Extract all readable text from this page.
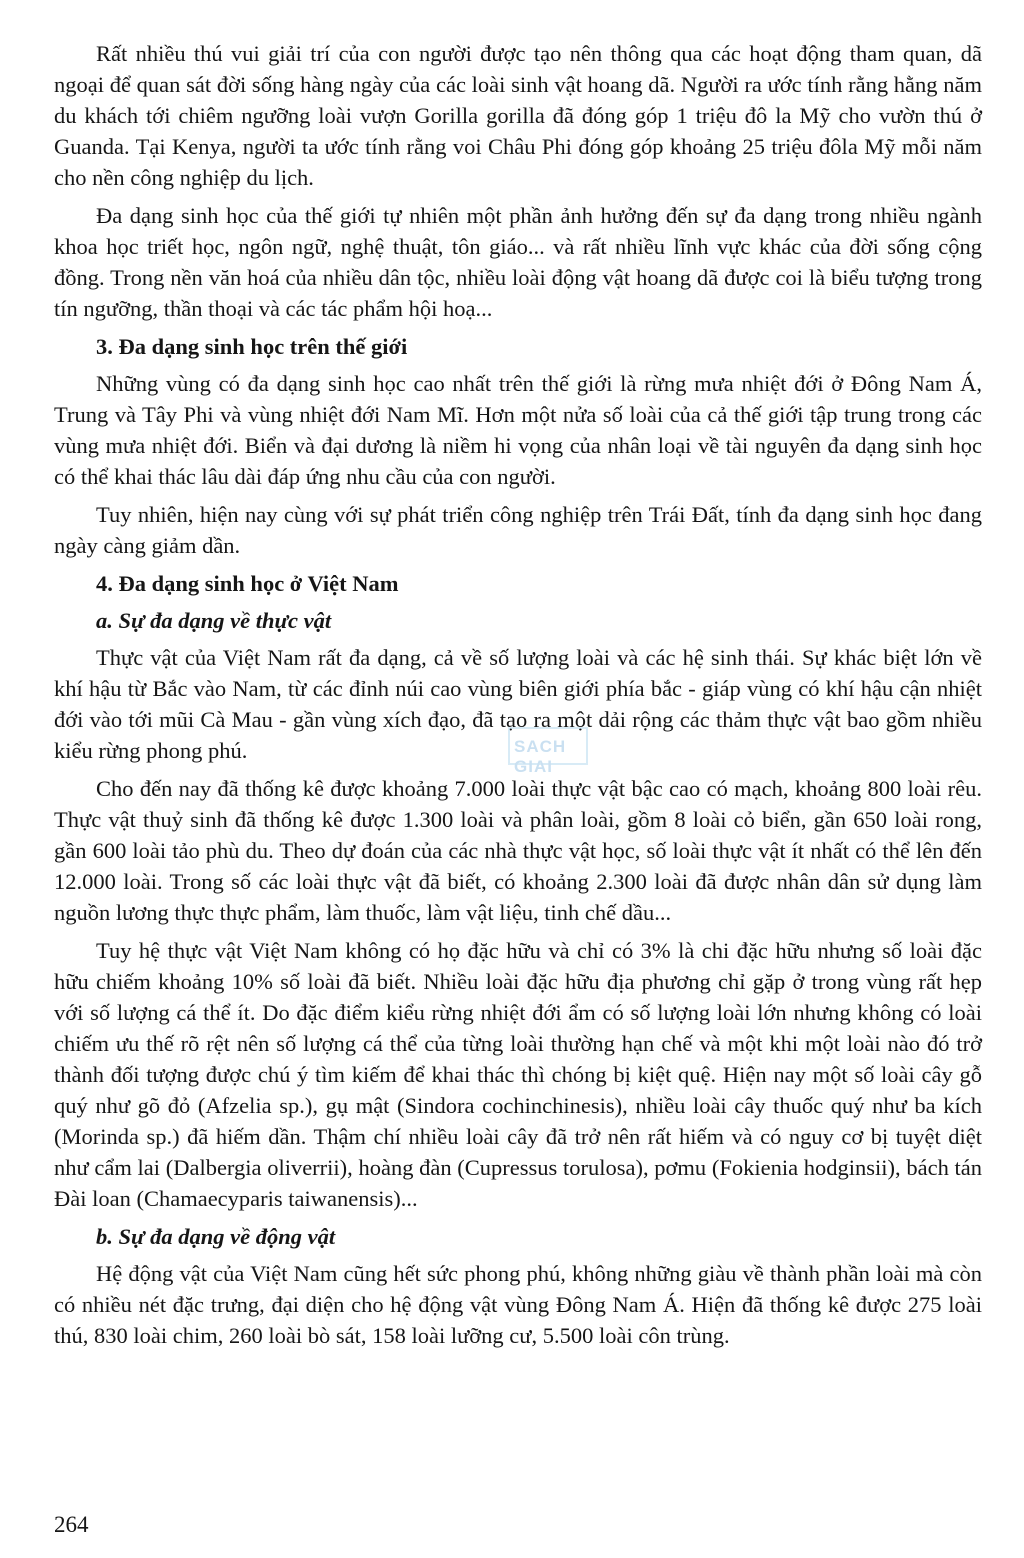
Rất nhiều thú vui giải trí của con người được tạo nên thông qua các hoạt động tham quan, dã ngoại để quan sát đời sống hàng ngày của các loài sinh vật hoang dã. Người ra ước tính rằng hằng năm du khách tới chiêm ngưỡng loài vượn Gorilla gorilla đã đóng góp 1 triệu đô la Mỹ cho vườn thú ở Guanda. Tại Kenya, người ta ước tính rằng voi Châu Phi đóng góp khoảng 25 triệu đôla Mỹ mỗi năm cho nền công nghiệp du lịch.

Đa dạng sinh học của thế giới tự nhiên một phần ảnh hưởng đến sự đa dạng trong nhiều ngành khoa học triết học, ngôn ngữ, nghệ thuật, tôn giáo... và rất nhiều lĩnh vực khác của đời sống cộng đồng. Trong nền văn hoá của nhiều dân tộc, nhiều loài động vật hoang dã được coi là biểu tượng trong tín ngưỡng, thần thoại và các tác phẩm hội hoạ...

3. Đa dạng sinh học trên thế giới

Những vùng có đa dạng sinh học cao nhất trên thế giới là rừng mưa nhiệt đới ở Đông Nam Á, Trung và Tây Phi và vùng nhiệt đới Nam Mĩ. Hơn một nửa số loài của cả thế giới tập trung trong các vùng mưa nhiệt đới. Biển và đại dương là niềm hi vọng của nhân loại về tài nguyên đa dạng sinh học có thể khai thác lâu dài đáp ứng nhu cầu của con người.

Tuy nhiên, hiện nay cùng với sự phát triển công nghiệp trên Trái Đất, tính đa dạng sinh học đang ngày càng giảm dần.

4. Đa dạng sinh học ở Việt Nam
a. Sự đa dạng về thực vật

Thực vật của Việt Nam rất đa dạng, cả về số lượng loài và các hệ sinh thái. Sự khác biệt lớn về khí hậu từ Bắc vào Nam, từ các đỉnh núi cao vùng biên giới phía bắc - giáp vùng có khí hậu cận nhiệt đới vào tới mũi Cà Mau - gần vùng xích đạo, đã tạo ra một dải rộng các thảm thực vật bao gồm nhiều kiểu rừng phong phú.

Cho đến nay đã thống kê được khoảng 7.000 loài thực vật bậc cao có mạch, khoảng 800 loài rêu. Thực vật thuỷ sinh đã thống kê được 1.300 loài và phân loài, gồm 8 loài cỏ biển, gần 650 loài rong, gần 600 loài tảo phù du. Theo dự đoán của các nhà thực vật học, số loài thực vật ít nhất có thể lên đến 12.000 loài. Trong số các loài thực vật đã biết, có khoảng 2.300 loài đã được nhân dân sử dụng làm nguồn lương thực thực phẩm, làm thuốc, làm vật liệu, tinh chế dầu...

Tuy hệ thực vật Việt Nam không có họ đặc hữu và chỉ có 3% là chi đặc hữu nhưng số loài đặc hữu chiếm khoảng 10% số loài đã biết. Nhiều loài đặc hữu địa phương chỉ gặp ở trong vùng rất hẹp với số lượng cá thể ít. Do đặc điểm kiểu rừng nhiệt đới ẩm có số lượng loài lớn nhưng không có loài chiếm ưu thế rõ rệt nên số lượng cá thể của từng loài thường hạn chế và một khi một loài nào đó trở thành đối tượng được chú ý tìm kiếm để khai thác thì chóng bị kiệt quệ. Hiện nay một số loài cây gỗ quý như gõ đỏ (Afzelia sp.), gụ mật (Sindora cochinchinesis), nhiều loài cây thuốc quý như ba kích (Morinda sp.) đã hiếm dần. Thậm chí nhiều loài cây đã trở nên rất hiếm và có nguy cơ bị tuyệt diệt như cẩm lai (Dalbergia oliverrii), hoàng đàn (Cupressus torulosa), pơmu (Fokienia hodginsii), bách tán Đài loan (Chamaecyparis taiwanensis)...

b. Sự đa dạng về động vật

Hệ động vật của Việt Nam cũng hết sức phong phú, không những giàu về thành phần loài mà còn có nhiều nét đặc trưng, đại diện cho hệ động vật vùng Đông Nam Á. Hiện đã thống kê được 275 loài thú, 830 loài chim, 260 loài bò sát, 158 loài lưỡng cư, 5.500 loài côn trùng.

SACH GIAI
264
